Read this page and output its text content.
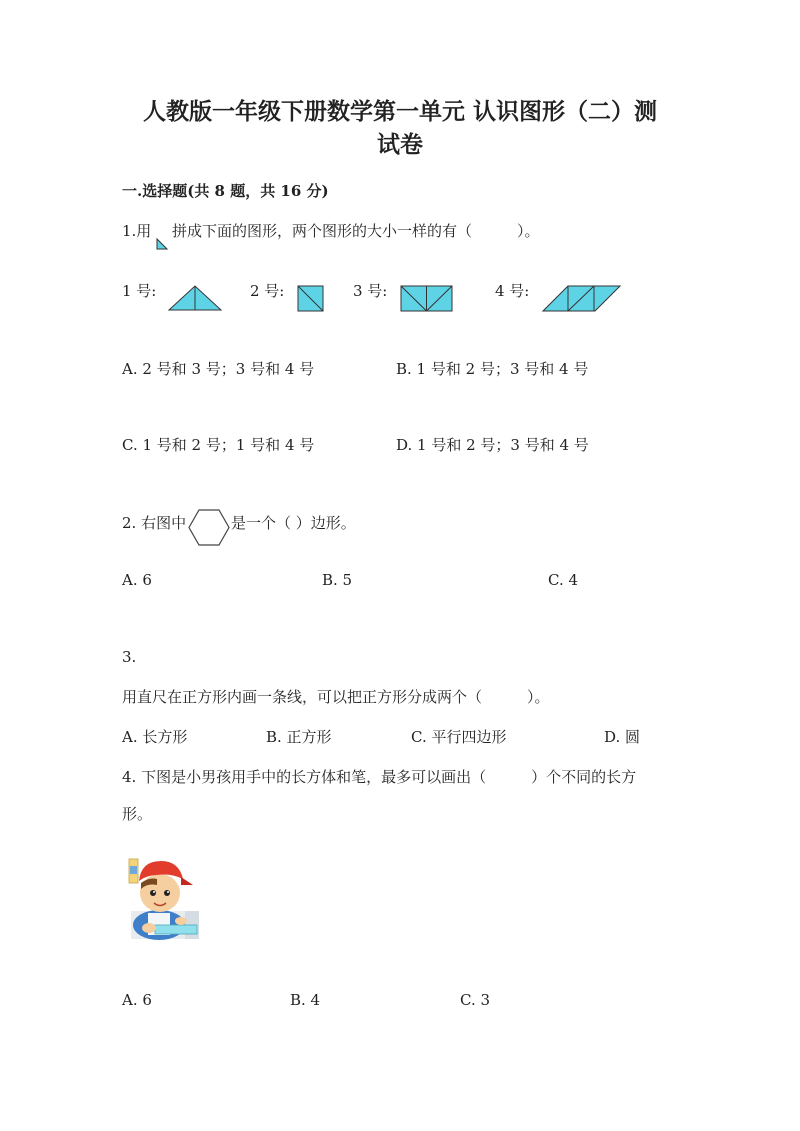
人教版一年级下册数学第一单元 认识图形（二）测
试卷
一.选择题(共 8 题，共 16 分)
1.用 拼成下面的图形，两个图形的大小一样的有（　　　）。
1 号:	2 号:	3 号:	4 号:
A. 2 号和 3 号；3 号和 4 号	B. 1 号和 2 号；3 号和 4 号
C. 1 号和 2 号；1 号和 4 号	D. 1 号和 2 号；3 号和 4 号
2. 右图中	是一个（ ）边形。
A. 6	B. 5	C. 4
3.
用直尺在正方形内画一条线，可以把正方形分成两个（　　　）。
A. 长方形	B. 正方形	C. 平行四边形	D. 圆
4. 下图是小男孩用手中的长方体和笔，最多可以画出（　　　）个不同的长方
形。
A. 6	B. 4	C. 3
